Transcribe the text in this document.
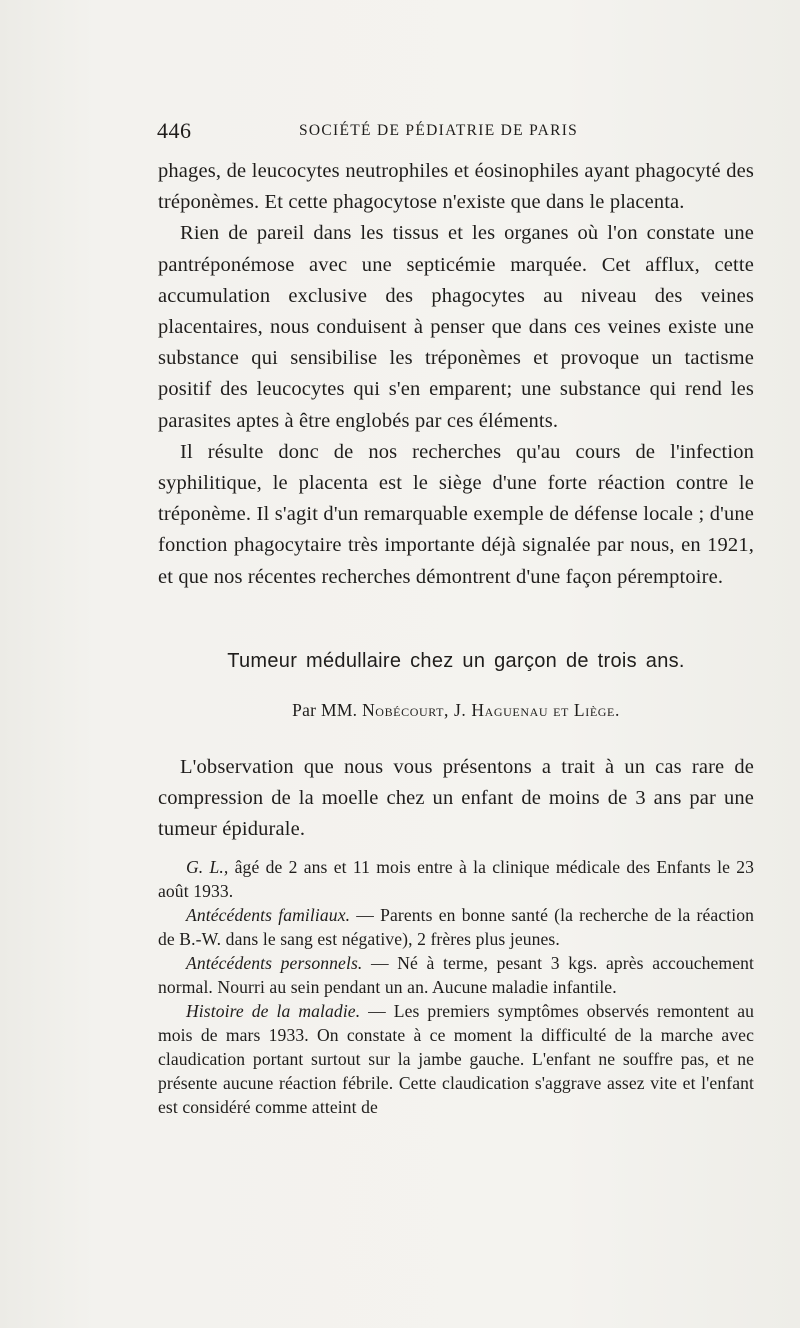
446	SOCIÉTÉ DE PÉDIATRIE DE PARIS

phages, de leucocytes neutrophiles et éosinophiles ayant phagocyté des tréponèmes. Et cette phagocytose n'existe que dans le placenta.

Rien de pareil dans les tissus et les organes où l'on constate une pantréponémose avec une septicémie marquée. Cet afflux, cette accumulation exclusive des phagocytes au niveau des veines placentaires, nous conduisent à penser que dans ces veines existe une substance qui sensibilise les tréponèmes et provoque un tactisme positif des leucocytes qui s'en emparent; une substance qui rend les parasites aptes à être englobés par ces éléments.

Il résulte donc de nos recherches qu'au cours de l'infection syphilitique, le placenta est le siège d'une forte réaction contre le tréponème. Il s'agit d'un remarquable exemple de défense locale ; d'une fonction phagocytaire très importante déjà signalée par nous, en 1921, et que nos récentes recherches démontrent d'une façon péremptoire.

Tumeur médullaire chez un garçon de trois ans.
Par MM. Nobécourt, J. Haguenau et Liège.

L'observation que nous vous présentons a trait à un cas rare de compression de la moelle chez un enfant de moins de 3 ans par une tumeur épidurale.

G. L., âgé de 2 ans et 11 mois entre à la clinique médicale des Enfants le 23 août 1933.

Antécédents familiaux. — Parents en bonne santé (la recherche de la réaction de B.-W. dans le sang est négative), 2 frères plus jeunes.

Antécédents personnels. — Né à terme, pesant 3 kgs. après accouchement normal. Nourri au sein pendant un an. Aucune maladie infantile.

Histoire de la maladie. — Les premiers symptômes observés remontent au mois de mars 1933. On constate à ce moment la difficulté de la marche avec claudication portant surtout sur la jambe gauche. L'enfant ne souffre pas, et ne présente aucune réaction fébrile. Cette claudication s'aggrave assez vite et l'enfant est considéré comme atteint de
